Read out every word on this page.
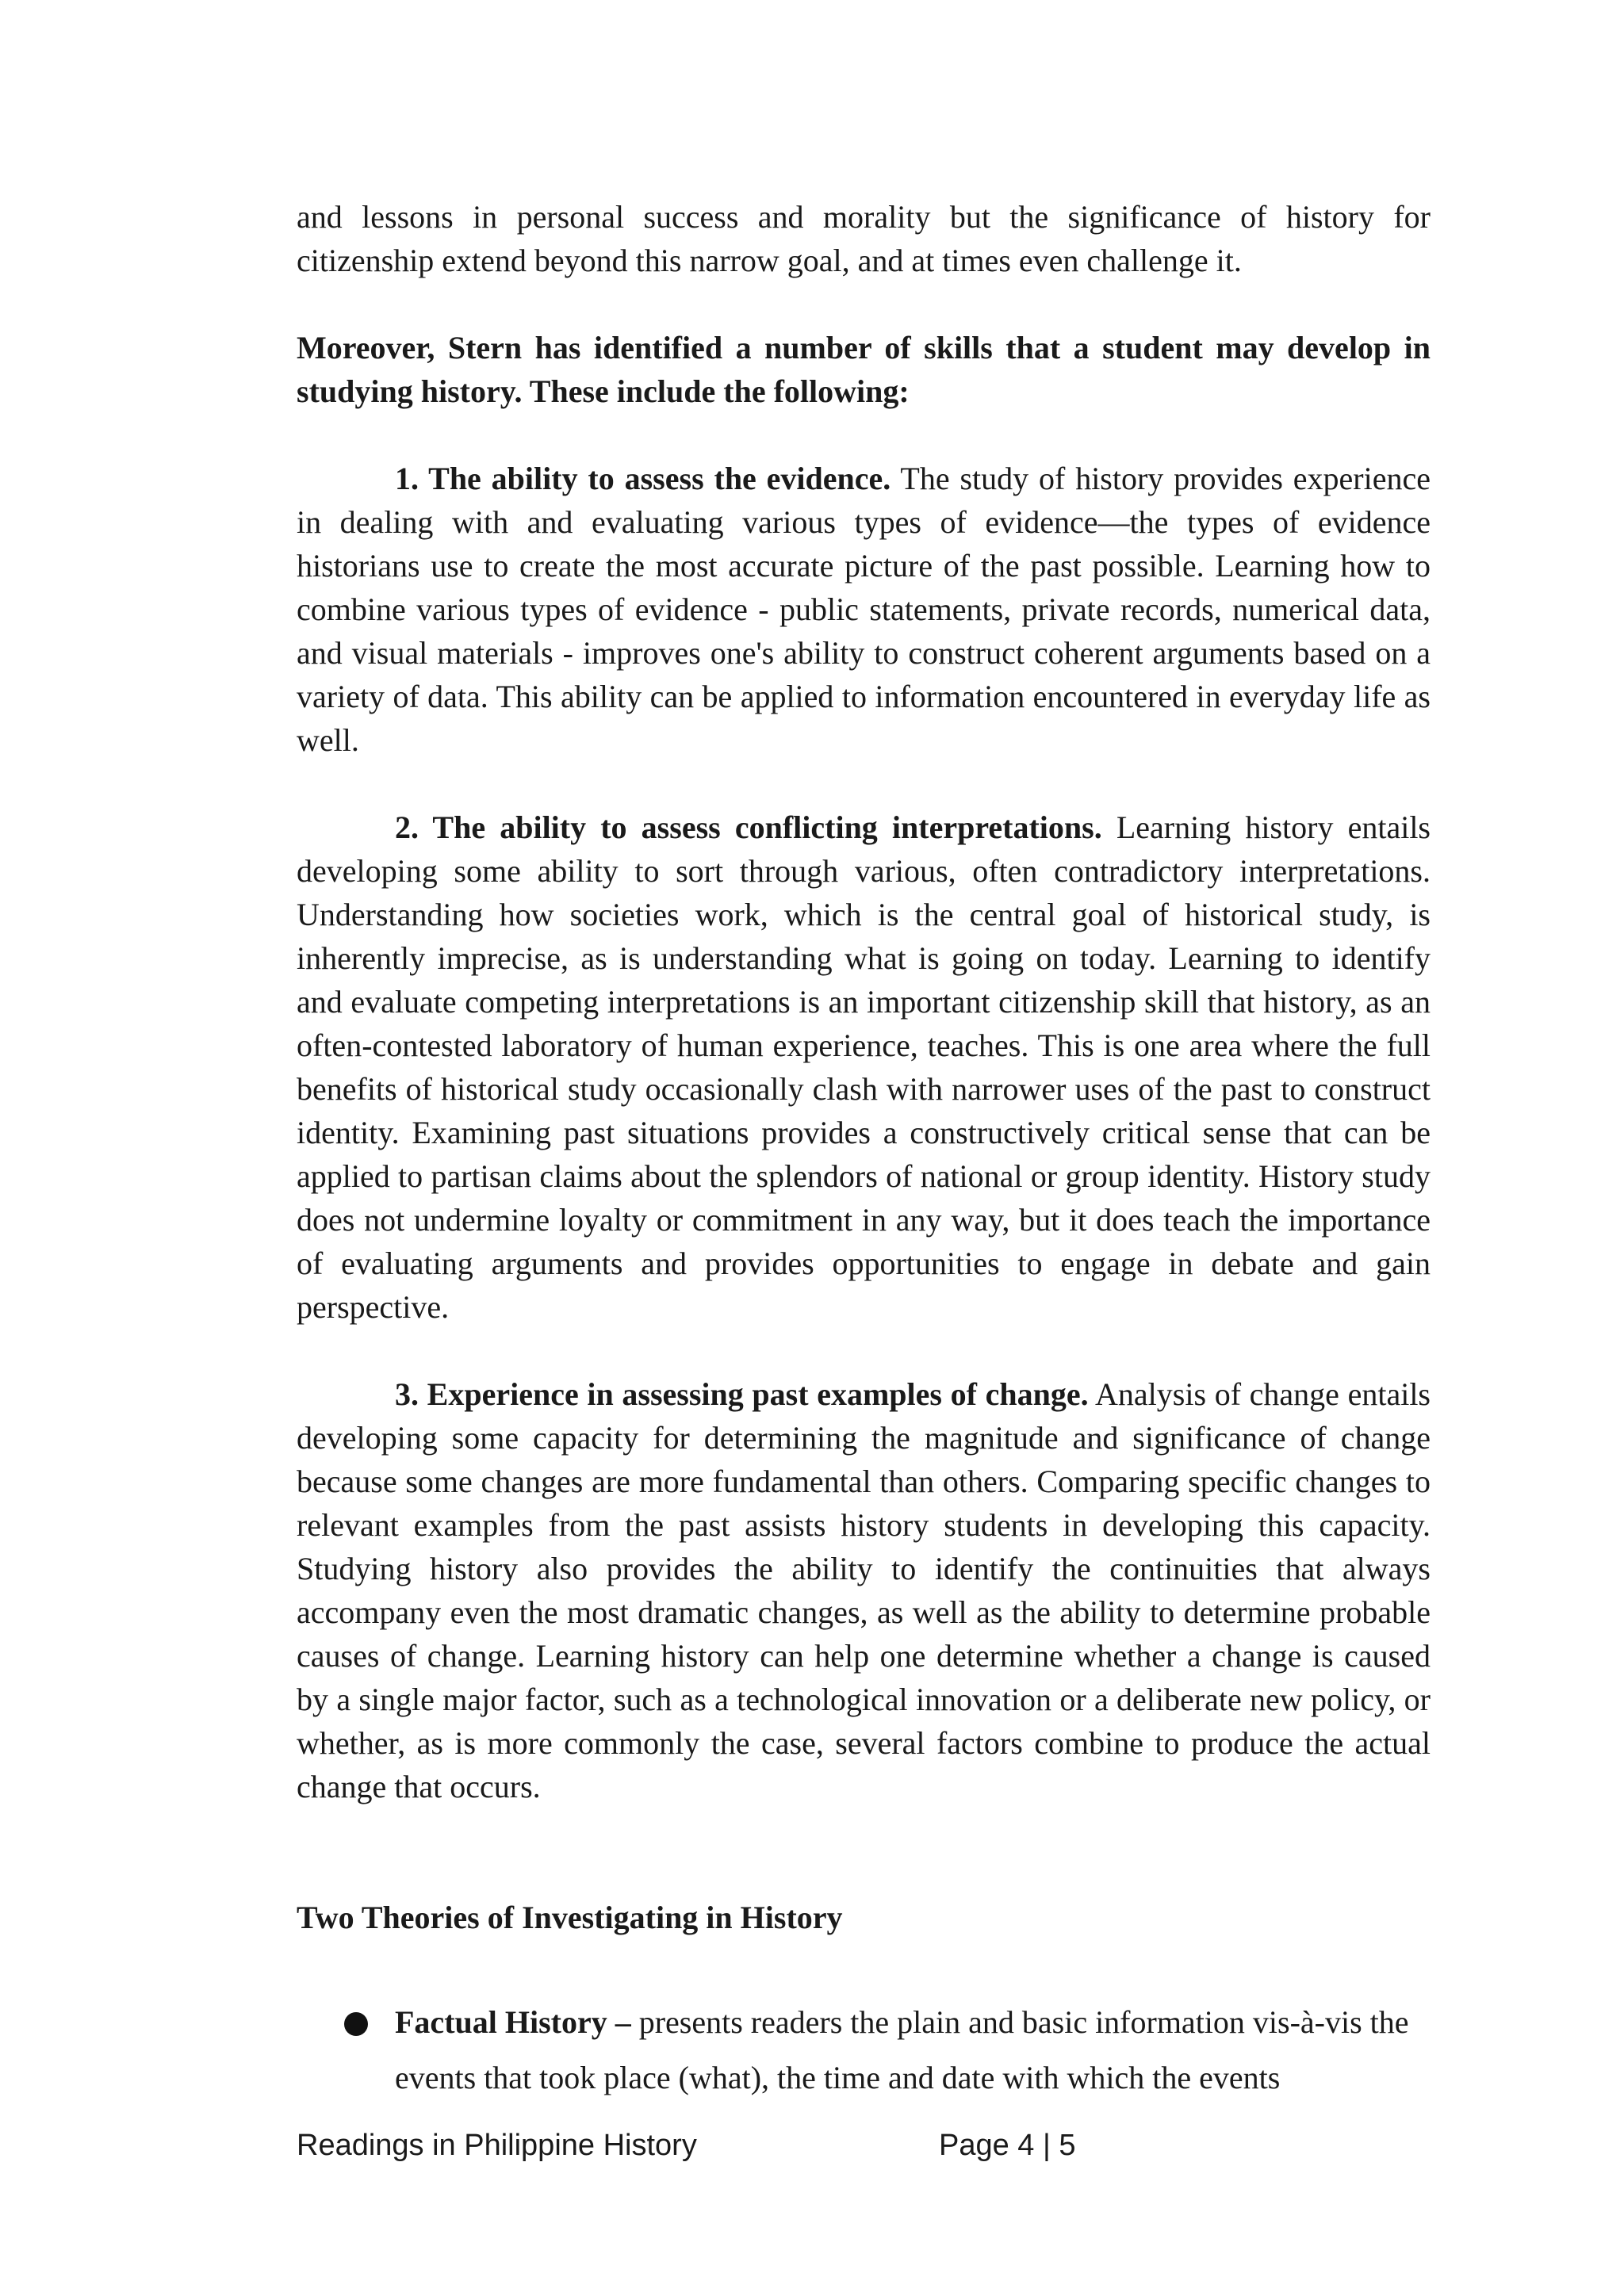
and lessons in personal success and morality but the significance of history for citizenship extend beyond this narrow goal, and at times even challenge it.

Moreover, Stern has identified a number of skills that a student may develop in studying history. These include the following:

1. The ability to assess the evidence. The study of history provides experience in dealing with and evaluating various types of evidence—the types of evidence historians use to create the most accurate picture of the past possible. Learning how to combine various types of evidence - public statements, private records, numerical data, and visual materials - improves one's ability to construct coherent arguments based on a variety of data. This ability can be applied to information encountered in everyday life as well.

2. The ability to assess conflicting interpretations. Learning history entails developing some ability to sort through various, often contradictory interpretations. Understanding how societies work, which is the central goal of historical study, is inherently imprecise, as is understanding what is going on today. Learning to identify and evaluate competing interpretations is an important citizenship skill that history, as an often-contested laboratory of human experience, teaches. This is one area where the full benefits of historical study occasionally clash with narrower uses of the past to construct identity. Examining past situations provides a constructively critical sense that can be applied to partisan claims about the splendors of national or group identity. History study does not undermine loyalty or commitment in any way, but it does teach the importance of evaluating arguments and provides opportunities to engage in debate and gain perspective.

3. Experience in assessing past examples of change. Analysis of change entails developing some capacity for determining the magnitude and significance of change because some changes are more fundamental than others. Comparing specific changes to relevant examples from the past assists history students in developing this capacity. Studying history also provides the ability to identify the continuities that always accompany even the most dramatic changes, as well as the ability to determine probable causes of change. Learning history can help one determine whether a change is caused by a single major factor, such as a technological innovation or a deliberate new policy, or whether, as is more commonly the case, several factors combine to produce the actual change that occurs.

Two Theories of Investigating in History

Factual History – presents readers the plain and basic information vis-à-vis the events that took place (what), the time and date with which the events
Readings in Philippine History	Page 4 | 5
